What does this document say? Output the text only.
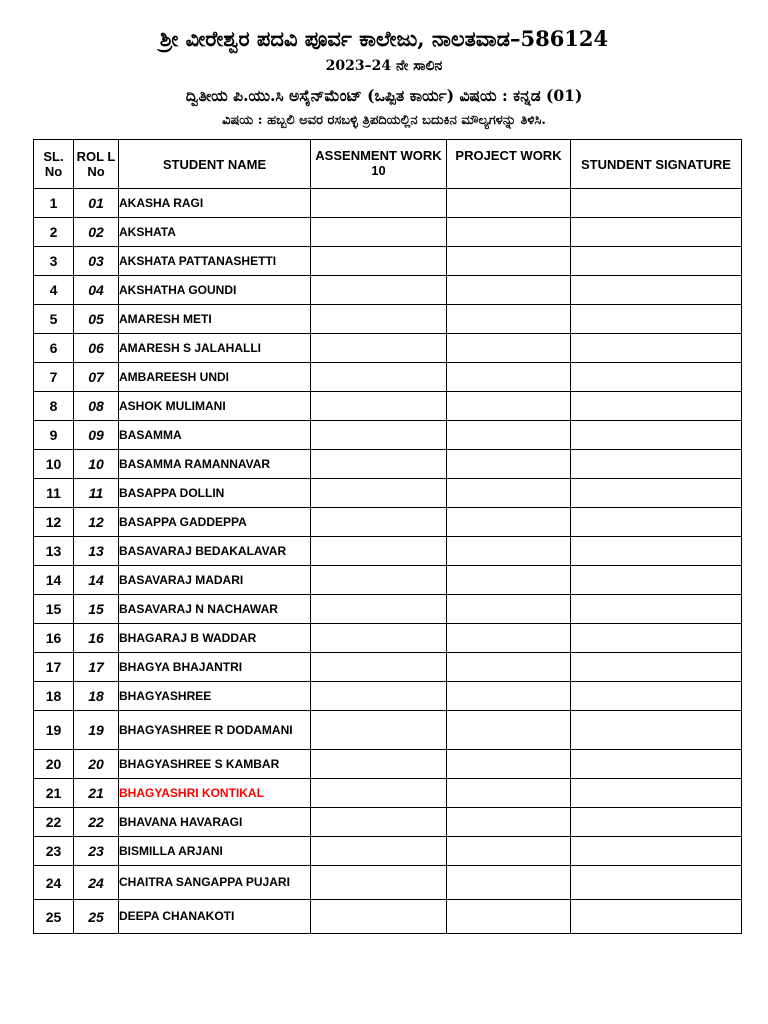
ಶ್ರೀ ವೀರೇಶ್ವರ ಪದವಿ ಪೂರ್ವ ಕಾಲೇಜು, ನಾಲತವಾಡ–586124
2023–24 ನೇ ಸಾಲಿನ
ದ್ವಿತೀಯ ಪಿ.ಯು.ಸಿ ಅಸೈನ್‌ಮೆಂಟ್ (ಒಪ್ಪಿತ ಕಾರ್ಯ) ವಿಷಯ : ಕನ್ನಡ (01)
ವಿಷಯ : ಹಬ್ಬಲಿ ಅವರ ರಸಬಳ್ಳಿ ತ್ರಿಪದಿಯಲ್ಲಿನ ಬದುಕಿನ ಮೌಲ್ಯಗಳನ್ನು ತಿಳಿಸಿ.
SL. No	ROL L No	STUDENT NAME	ASSENMENT WORK 10	PROJECT WORK	STUNDENT SIGNATURE
1	01	AKASHA RAGI			
2	02	AKSHATA			
3	03	AKSHATA PATTANASHETTI			
4	04	AKSHATHA GOUNDI			
5	05	AMARESH METI			
6	06	AMARESH S JALAHALLI			
7	07	AMBAREESH UNDI			
8	08	ASHOK MULIMANI			
9	09	BASAMMA			
10	10	BASAMMA RAMANNAVAR			
11	11	BASAPPA DOLLIN			
12	12	BASAPPA GADDEPPA			
13	13	BASAVARAJ BEDAKALAVAR			
14	14	BASAVARAJ MADARI			
15	15	BASAVARAJ N NACHAWAR			
16	16	BHAGARAJ B WADDAR			
17	17	BHAGYA BHAJANTRI			
18	18	BHAGYASHREE			
19	19	BHAGYASHREE R DODAMANI			
20	20	BHAGYASHREE S KAMBAR			
21	21	BHAGYASHRI KONTIKAL			
22	22	BHAVANA HAVARAGI			
23	23	BISMILLA ARJANI			
24	24	CHAITRA SANGAPPA PUJARI			
25	25	DEEPA CHANAKOTI			
